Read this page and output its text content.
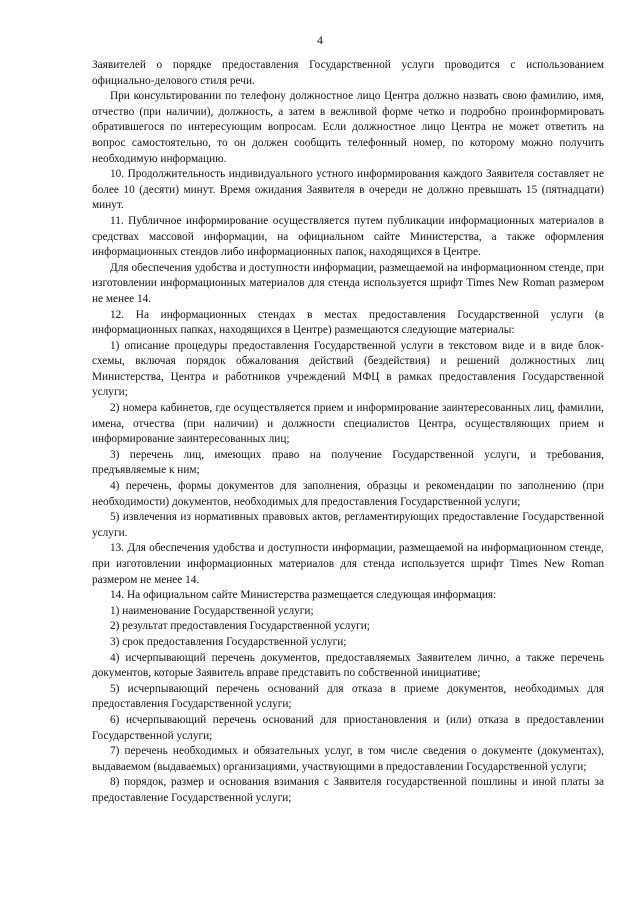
4

Заявителей о порядке предоставления Государственной услуги проводится с использованием официально-делового стиля речи.

При консультировании по телефону должностное лицо Центра должно назвать свою фамилию, имя, отчество (при наличии), должность, а затем в вежливой форме четко и подробно проинформировать обратившегося по интересующим вопросам. Если должностное лицо Центра не может ответить на вопрос самостоятельно, то он должен сообщить телефонный номер, по которому можно получить необходимую информацию.

10. Продолжительность индивидуального устного информирования каждого Заявителя составляет не более 10 (десяти) минут. Время ожидания Заявителя в очереди не должно превышать 15 (пятнадцати) минут.

11. Публичное информирование осуществляется путем публикации информационных материалов в средствах массовой информации, на официальном сайте Министерства, а также оформления информационных стендов либо информационных папок, находящихся в Центре.

Для обеспечения удобства и доступности информации, размещаемой на информационном стенде, при изготовлении информационных материалов для стенда используется шрифт Times New Roman размером не менее 14.

12. На информационных стендах в местах предоставления Государственной услуги (в информационных папках, находящихся в Центре) размещаются следующие материалы:

1) описание процедуры предоставления Государственной услуги в текстовом виде и в виде блок-схемы, включая порядок обжалования действий (бездействия) и решений должностных лиц Министерства, Центра и работников учреждений МФЦ в рамках предоставления Государственной услуги;

2) номера кабинетов, где осуществляется прием и информирование заинтересованных лиц, фамилии, имена, отчества (при наличии) и должности специалистов Центра, осуществляющих прием и информирование заинтересованных лиц;

3) перечень лиц, имеющих право на получение Государственной услуги, и требования, предъявляемые к ним;

4) перечень, формы документов для заполнения, образцы и рекомендации по заполнению (при необходимости) документов, необходимых для предоставления Государственной услуги;

5) извлечения из нормативных правовых актов, регламентирующих предоставление Государственной услуги.

13. Для обеспечения удобства и доступности информации, размещаемой на информационном стенде, при изготовлении информационных материалов для стенда используется шрифт Times New Roman размером не менее 14.

14. На официальном сайте Министерства размещается следующая информация:

1) наименование Государственной услуги;

2) результат предоставления Государственной услуги;

3) срок предоставления Государственной услуги;

4) исчерпывающий перечень документов, предоставляемых Заявителем лично, а также перечень документов, которые Заявитель вправе представить по собственной инициативе;

5) исчерпывающий перечень оснований для отказа в приеме документов, необходимых для предоставления Государственной услуги;

6) исчерпывающий перечень оснований для приостановления и (или) отказа в предоставлении Государственной услуги;

7) перечень необходимых и обязательных услуг, в том числе сведения о документе (документах), выдаваемом (выдаваемых) организациями, участвующими в предоставлении Государственной услуги;

8) порядок, размер и основания взимания с Заявителя государственной пошлины и иной платы за предоставление Государственной услуги;
